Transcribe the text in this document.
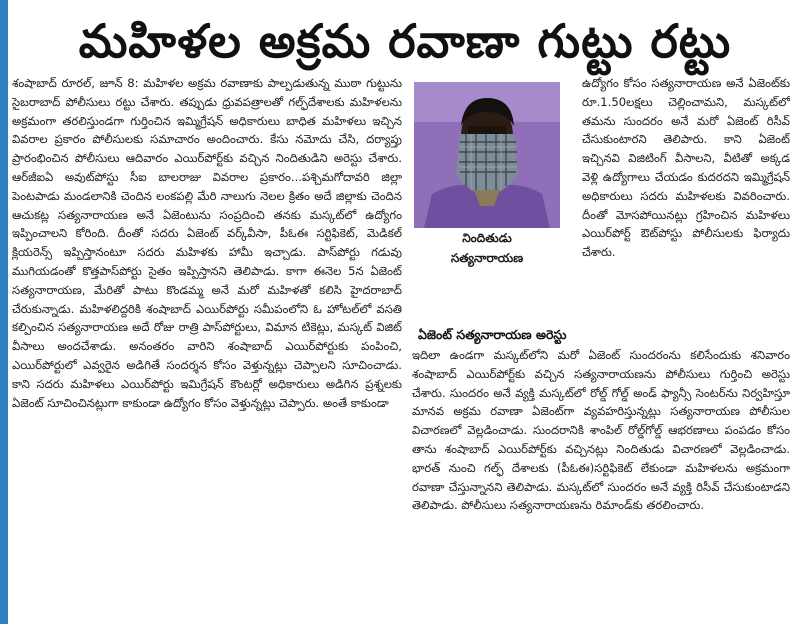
మహిళల అక్రమ రవాణా గుట్టు రట్టు

శంషాబాద్ రూరల్, జూన్ 8: మహిళల అక్రమ రవాణాకు పాల్పడుతున్న ముఠా గుట్టును సైబరాబాద్ పోలీసులు రట్టు చేశారు. తప్పుడు ధ్రువపత్రాలతో గల్ఫ్‌దేశాలకు మహిళలను అక్రమంగా తరలిస్తుండగా గుర్తించిన ఇమ్మిగ్రేషన్ అధికారులు బాధిత మహిళలు ఇచ్చిన వివరాల ప్రకారం పోలీసులకు సమాచారం అందించారు. కేసు నమోదు చేసి, దర్యాప్తు ప్రారంభించిన పోలీసులు ఆదివారం ఎయిర్‌పోర్ట్‌కు వచ్చిన నిందితుడిని అరెస్టు చేశారు. ఆర్‌జీఐఏ అవుట్‌పోస్టు సీఐ బాలరాజు వివరాల ప్రకారం...పశ్చిమగోదావరి జిల్లా పెంటపాడు మండలానికి చెందిన లంకపల్లి మేరి నాలుగు నెలల క్రితం అదే జిల్లాకు చెందిన ఆచుకట్ల సత్యనారాయణ అనే ఏజెంటును సంప్రదించి తనకు మస్కట్‌లో ఉద్యోగం ఇప్పించాలని కోరింది. దీంతో సదరు ఏజెంట్ వర్క్‌వీసా, పీఓఈ సర్టిఫికెట్, మెడికల్ క్లియరెన్స్ ఇప్పిస్తానంటూ సదరు మహిళకు హామీ ఇచ్చాడు. పాస్‌పోర్టు గడువు ముగియడంతో కొత్తపాస్‌పోర్టు సైతం ఇప్పిస్తానని తెలిపాడు. కాగా ఈనెల 5న ఏజెంట్ సత్యనారాయణ, మేరితో పాటు కొండమ్మ అనే మరో మహిళతో కలిసి హైదరాబాద్ చేరుకున్నాడు. మహిళలిద్దరికి శంషాబాద్ ఎయిర్‌పోర్టు సమీపంలోని ఓ హోటల్‌లో వసతి కల్పించిన సత్యనారాయణ అదే రోజు రాత్రి పాస్‌పోర్టులు, విమాన టికెట్లు, మస్కట్ విజిట్ వీసాలు అందచేశాడు. అనంతరం వారిని శంషాబాద్ ఎయిర్‌పోర్టుకు పంపించి, ఎయిర్‌పోర్టులో ఎవ్వరైన అడిగితే సందర్శన కోసం వెళ్తున్నట్లు చెప్పాలని సూచించాడు. కాని సదరు మహిళలు ఎయిర్‌పోర్టు ఇమిగ్రేషన్ కౌంటర్లో అధికారులు అడిగిన ప్రశ్నలకు ఏజెంట్ సూచించినట్లుగా కాకుండా ఉద్యోగం కోసం వెళ్తున్నట్లు చెప్పారు. అంతే కాకుండా

నిందితుడు
సత్యనారాయణ

ఉద్యోగం కోసం సత్యనారాయణ అనే ఏజెంట్‌కు రూ.1.50లక్షలు చెల్లించామని, మస్కట్‌లో తమను సుందరం అనే మరో ఏజెంట్ రిసీవ్ చేసుకుంటారని తెలిపారు. కాని ఏజెంట్ ఇచ్చినవి విజిటింగ్ వీసాలని, వీటితో అక్కడ వెళ్లి ఉద్యోగాలు చేయడం కుదరదని ఇమ్మిగ్రేషన్ అధికారులు సదరు మహిళలకు వివరించారు. దీంతో మోసపోయినట్లు గ్రహించిన మహిళలు ఎయిర్‌పోర్ట్ ఔట్‌పోస్టు పోలీసులకు ఫిర్యాదు చేశారు.

ఏజెంట్ సత్యనారాయణ అరెస్టు

ఇదిలా ఉండగా మస్కట్‌లోని మరో ఏజెంట్ సుందరంను కలిసేందుకు శనివారం శంషాబాద్ ఎయిర్‌పోర్ట్‌కు వచ్చిన సత్యనారాయణను పోలీసులు గుర్తించి అరెస్టు చేశారు. సుందరం అనే వ్యక్తి మస్కట్‌లో రోల్డ్ గోల్డ్ అండ్ ఫ్యాన్సీ సెంటర్‌ను నిర్వహిస్తూ మానవ అక్రమ రవాణా ఏజెంట్‌గా వ్యవహరిస్తున్నట్లు సత్యనారాయణ పోలీసుల విచారణలో వెల్లడించాడు. సుందరానికి శాంపిల్ రోల్డ్‌గోల్డ్ ఆభరణాలు పంపడం కోసం తాను శంషాబాద్ ఎయిర్‌పోర్ట్‌కు వచ్చినట్లు నిందితుడు విచారణలో వెల్లడించాడు. భారత్ నుంచి గల్ఫ్ దేశాలకు (పీఓఈ)సర్టిఫికెట్ లేకుండా మహిళలను అక్రమంగా రవాణా చేస్తున్నానని తెలిపాడు. మస్కట్‌లో సుందరం అనే వ్యక్తి రిసీవ్ చేసుకుంటాడని తెలిపాడు. పోలీసులు సత్యనారాయణను రిమాండ్‌కు తరలించారు.
